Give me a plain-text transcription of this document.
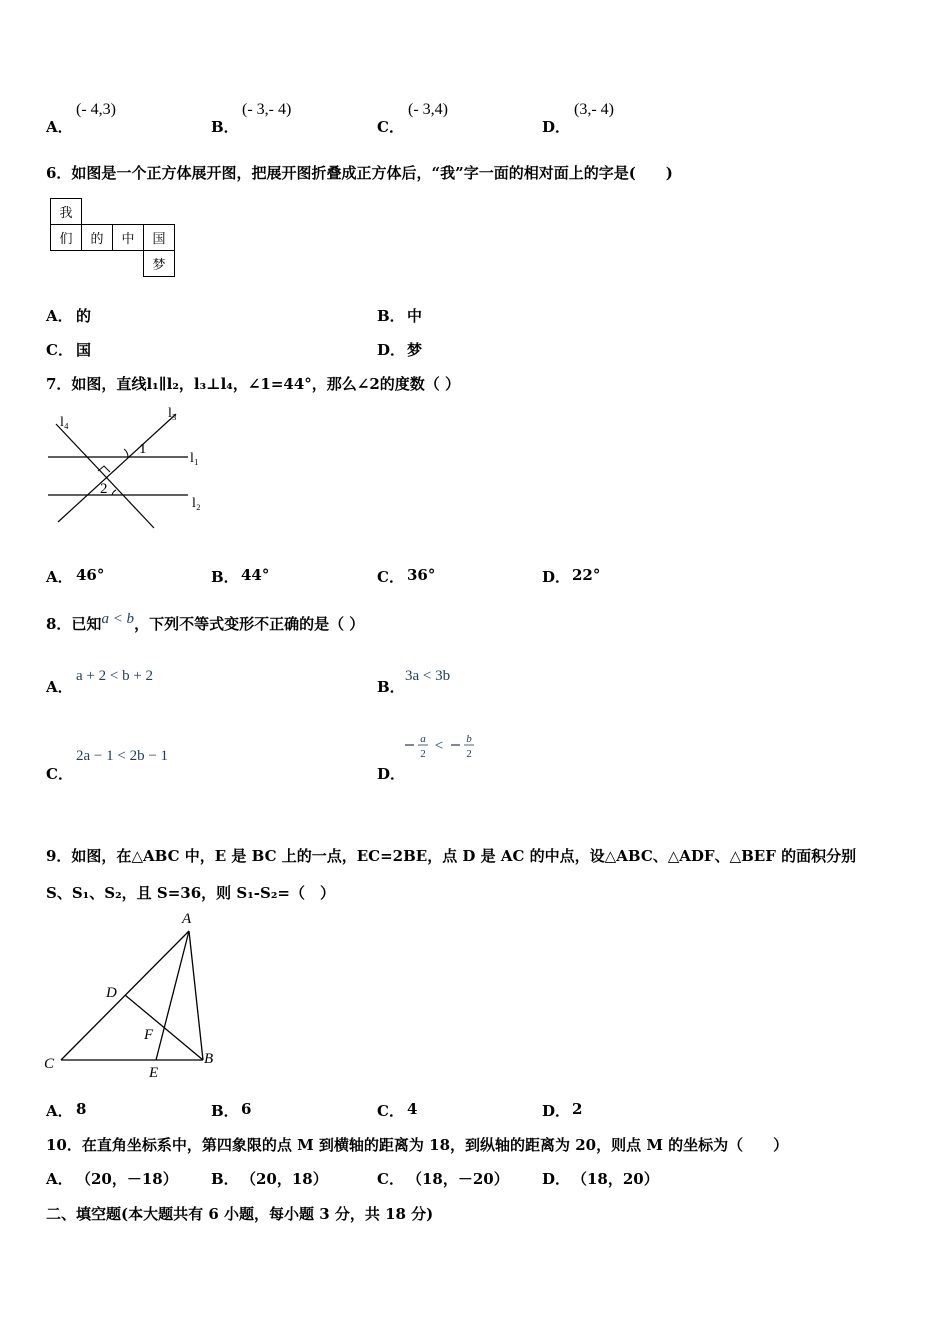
A．
(- 4,3)
B．
(- 3,- 4)
C．
(- 3,4)
D．
(3,- 4)
6．如图是一个正方体展开图，把展开图折叠成正方体后，“我”字一面的相对面上的字是(　　)
我			
们	的	中	国
			梦
A． 的	B． 中
C． 国	D． 梦
7．如图，直线l₁∥l₂，l₃⊥l₄，∠1=44°，那么∠2的度数（ ）
l₄
l₃
l₁
l₂
1
2
A． 46°	B． 44°	C． 36°	D． 22°
8．已知a < b，下列不等式变形不正确的是（ ）
A．
a + 2 < b + 2
B．
3a < 3b
C．
2a − 1 < 2b − 1
D．
a
2 < b
2
9．如图，在△ABC 中，E 是 BC 上的一点，EC=2BE，点 D 是 AC 的中点，设△ABC、△ADF、△BEF 的面积分别
S、S₁、S₂，且 S=36，则 S₁-S₂=（　）
A
B
C
D
E
F
A． 8	B． 6	C． 4	D． 2
10．在直角坐标系中，第四象限的点 M 到横轴的距离为 18，到纵轴的距离为 20，则点 M 的坐标为（　　）
A． （20，－18） B． （20，18）	C． （18，－20） D． （18，20）
二、填空题(本大题共有 6 小题，每小题 3 分，共 18 分)
